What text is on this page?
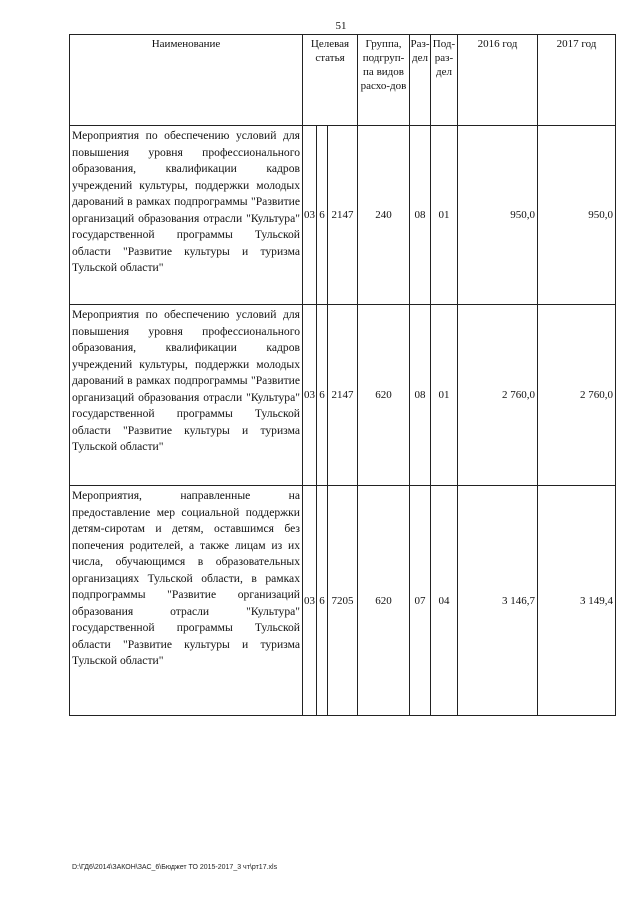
51
Наименование	Целевая статья			Группа, подгруп-па видов расхо-дов	Раз-дел	Под-раз-дел	2016 год	2017 год
Мероприятия по обеспечению условий для повышения уровня профессионального образования, квалификации кадров учреждений культуры, поддержки молодых дарований в рамках подпрограммы "Развитие организаций образования отрасли "Культура" государственной программы Тульской области "Развитие культуры и туризма Тульской области"	03	6	2147	240	08	01	950,0	950,0
Мероприятия по обеспечению условий для повышения уровня профессионального образования, квалификации кадров учреждений культуры, поддержки молодых дарований в рамках подпрограммы "Развитие организаций образования отрасли "Культура" государственной программы Тульской области "Развитие культуры и туризма Тульской области"	03	6	2147	620	08	01	2 760,0	2 760,0
Мероприятия, направленные на предоставление мер социальной поддержки детям-сиротам и детям, оставшимся без попечения родителей, а также лицам из их числа, обучающимся в образовательных организациях Тульской области, в рамках подпрограммы "Развитие организаций образования отрасли "Культура" государственной программы Тульской области "Развитие культуры и туризма Тульской области"	03	6	7205	620	07	04	3 146,7	3 149,4
D:\ГД6\2014\ЗАКОН\ЗАС_6\Бюджет ТО 2015-2017_3 чт\рт17.xls
